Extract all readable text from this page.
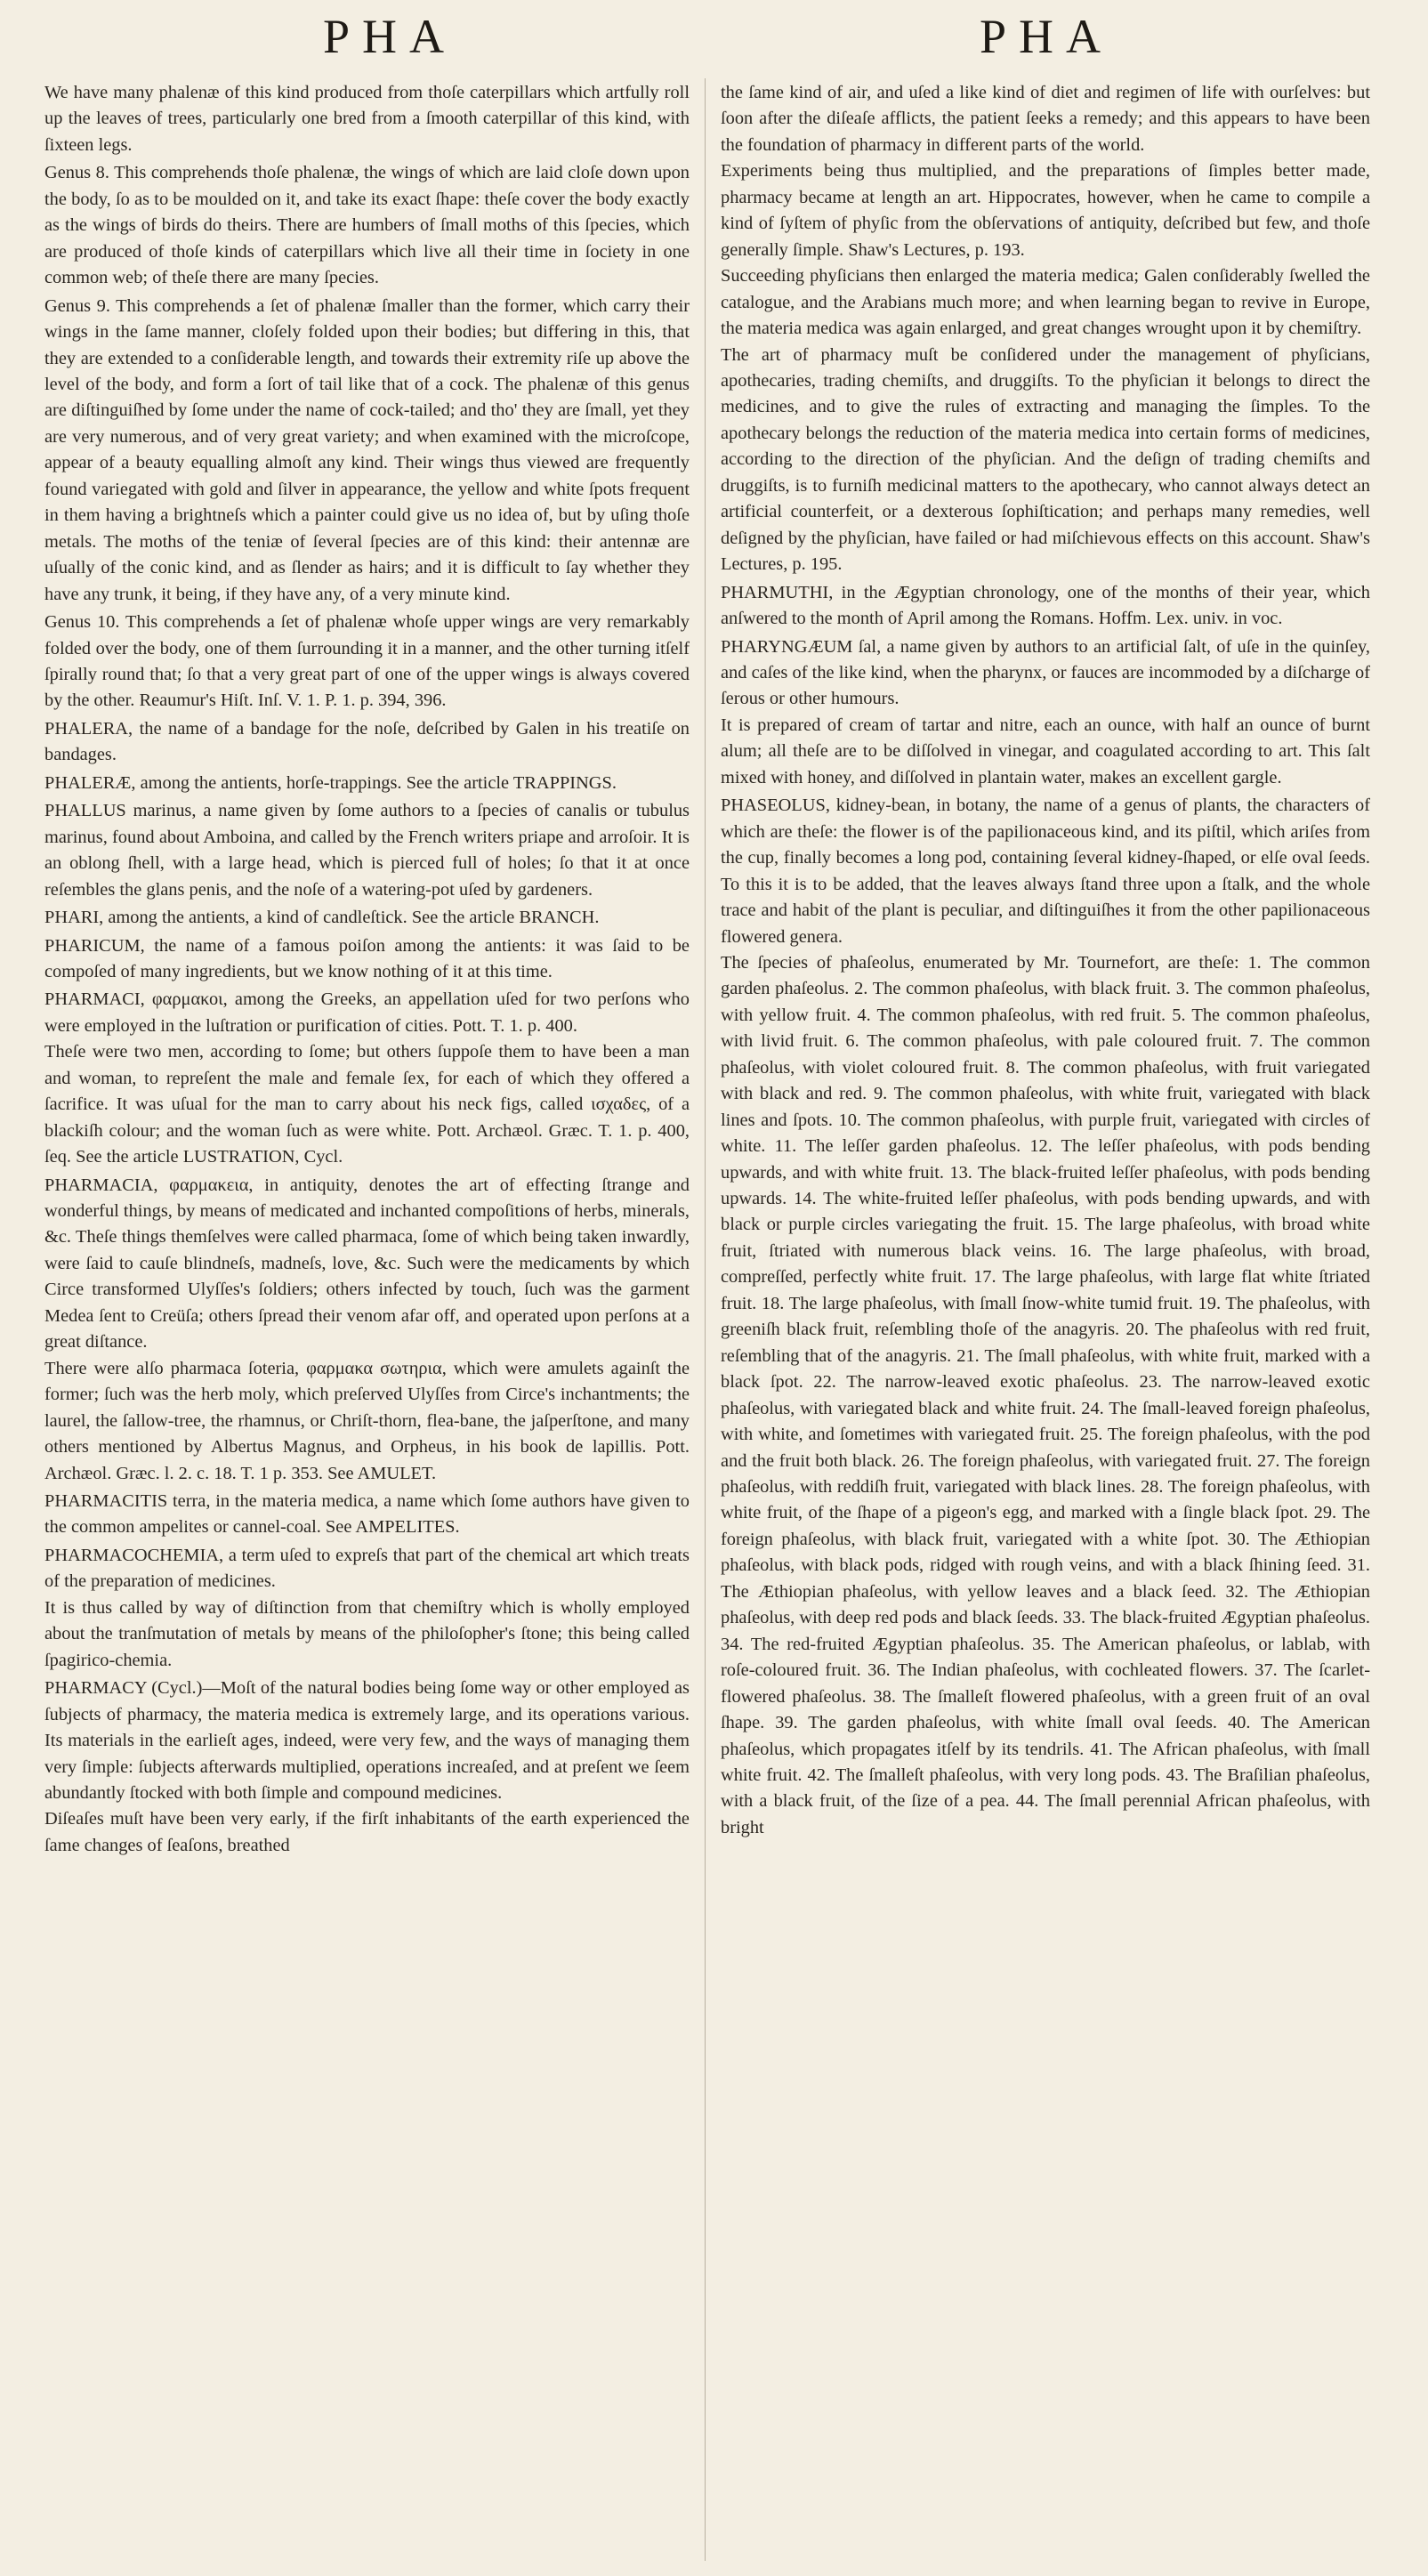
PHA	PHA

We have many phalenæ of this kind produced from thoſe caterpillars which artfully roll up the leaves of trees, particularly one bred from a ſmooth caterpillar of this kind, with ſixteen legs.

Genus 8. This comprehends thoſe phalenæ, the wings of which are laid cloſe down upon the body, ſo as to be moulded on it, and take its exact ſhape: theſe cover the body exactly as the wings of birds do theirs. There are humbers of ſmall moths of this ſpecies, which are produced of thoſe kinds of caterpillars which live all their time in ſociety in one common web; of theſe there are many ſpecies.

Genus 9. This comprehends a ſet of phalenæ ſmaller than the former, which carry their wings in the ſame manner, cloſely folded upon their bodies; but differing in this, that they are extended to a conſiderable length, and towards their extremity riſe up above the level of the body, and form a ſort of tail like that of a cock. The phalenæ of this genus are diſtinguiſhed by ſome under the name of cock-tailed; and tho' they are ſmall, yet they are very numerous, and of very great variety; and when examined with the microſcope, appear of a beauty equalling almoſt any kind. Their wings thus viewed are frequently found variegated with gold and ſilver in appearance, the yellow and white ſpots frequent in them having a brightneſs which a painter could give us no idea of, but by uſing thoſe metals. The moths of the teniæ of ſeveral ſpecies are of this kind: their antennæ are uſually of the conic kind, and as ſlender as hairs; and it is difficult to ſay whether they have any trunk, it being, if they have any, of a very minute kind.

Genus 10. This comprehends a ſet of phalenæ whoſe upper wings are very remarkably folded over the body, one of them ſurrounding it in a manner, and the other turning itſelf ſpirally round that; ſo that a very great part of one of the upper wings is always covered by the other. Reaumur's Hiſt. Inſ. V. 1. P. 1. p. 394, 396.

PHALERA, the name of a bandage for the noſe, deſcribed by Galen in his treatiſe on bandages.

PHALERÆ, among the antients, horſe-trappings. See the article TRAPPINGS.

PHALLUS marinus, a name given by ſome authors to a ſpecies of canalis or tubulus marinus, found about Amboina, and called by the French writers priape and arroſoir. It is an oblong ſhell, with a large head, which is pierced full of holes; ſo that it at once reſembles the glans penis, and the noſe of a watering-pot uſed by gardeners.

PHARI, among the antients, a kind of candleſtick. See the article BRANCH.

PHARICUM, the name of a famous poiſon among the antients: it was ſaid to be compoſed of many ingredients, but we know nothing of it at this time.

PHARMACI, φαρμακοι, among the Greeks, an appellation uſed for two perſons who were employed in the luſtration or purification of cities. Pott. T. 1. p. 400.

Theſe were two men, according to ſome; but others ſuppoſe them to have been a man and woman, to repreſent the male and female ſex, for each of which they offered a ſacrifice. It was uſual for the man to carry about his neck figs, called ισχαδες, of a blackiſh colour; and the woman ſuch as were white. Pott. Archæol. Græc. T. 1. p. 400, ſeq. See the article LUSTRATION, Cycl.

PHARMACIA, φαρμακεια, in antiquity, denotes the art of effecting ſtrange and wonderful things, by means of medicated and inchanted compoſitions of herbs, minerals, &c. Theſe things themſelves were called pharmaca, ſome of which being taken inwardly, were ſaid to cauſe blindneſs, madneſs, love, &c. Such were the medicaments by which Circe transformed Ulyſſes's ſoldiers; others infected by touch, ſuch was the garment Medea ſent to Creüſa; others ſpread their venom afar off, and operated upon perſons at a great diſtance.

There were alſo pharmaca ſoteria, φαρμακα σωτηρια, which were amulets againſt the former; ſuch was the herb moly, which preſerved Ulyſſes from Circe's inchantments; the laurel, the ſallow-tree, the rhamnus, or Chriſt-thorn, flea-bane, the jaſperſtone, and many others mentioned by Albertus Magnus, and Orpheus, in his book de lapillis. Pott. Archæol. Græc. l. 2. c. 18. T. 1 p. 353. See AMULET.

PHARMACITIS terra, in the materia medica, a name which ſome authors have given to the common ampelites or cannel-coal. See AMPELITES.

PHARMACOCHEMIA, a term uſed to expreſs that part of the chemical art which treats of the preparation of medicines.

It is thus called by way of diſtinction from that chemiſtry which is wholly employed about the tranſmutation of metals by means of the philoſopher's ſtone; this being called ſpagirico-chemia.

PHARMACY (Cycl.)—Moſt of the natural bodies being ſome way or other employed as ſubjects of pharmacy, the materia medica is extremely large, and its operations various. Its materials in the earlieſt ages, indeed, were very few, and the ways of managing them very ſimple: ſubjects afterwards multiplied, operations increaſed, and at preſent we ſeem abundantly ſtocked with both ſimple and compound medicines.

Diſeaſes muſt have been very early, if the firſt inhabitants of the earth experienced the ſame changes of ſeaſons, breathed

the ſame kind of air, and uſed a like kind of diet and regimen of life with ourſelves: but ſoon after the diſeaſe afflicts, the patient ſeeks a remedy; and this appears to have been the foundation of pharmacy in different parts of the world.

Experiments being thus multiplied, and the preparations of ſimples better made, pharmacy became at length an art. Hippocrates, however, when he came to compile a kind of ſyſtem of phyſic from the obſervations of antiquity, deſcribed but few, and thoſe generally ſimple. Shaw's Lectures, p. 193.

Succeeding phyſicians then enlarged the materia medica; Galen conſiderably ſwelled the catalogue, and the Arabians much more; and when learning began to revive in Europe, the materia medica was again enlarged, and great changes wrought upon it by chemiſtry.

The art of pharmacy muſt be conſidered under the management of phyſicians, apothecaries, trading chemiſts, and druggiſts. To the phyſician it belongs to direct the medicines, and to give the rules of extracting and managing the ſimples. To the apothecary belongs the reduction of the materia medica into certain forms of medicines, according to the direction of the phyſician. And the deſign of trading chemiſts and druggiſts, is to furniſh medicinal matters to the apothecary, who cannot always detect an artificial counterfeit, or a dexterous ſophiſtication; and perhaps many remedies, well deſigned by the phyſician, have failed or had miſchievous effects on this account. Shaw's Lectures, p. 195.

PHARMUTHI, in the Ægyptian chronology, one of the months of their year, which anſwered to the month of April among the Romans. Hoffm. Lex. univ. in voc.

PHARYNGÆUM ſal, a name given by authors to an artificial ſalt, of uſe in the quinſey, and caſes of the like kind, when the pharynx, or fauces are incommoded by a diſcharge of ſerous or other humours.

It is prepared of cream of tartar and nitre, each an ounce, with half an ounce of burnt alum; all theſe are to be diſſolved in vinegar, and coagulated according to art. This ſalt mixed with honey, and diſſolved in plantain water, makes an excellent gargle.

PHASEOLUS, kidney-bean, in botany, the name of a genus of plants, the characters of which are theſe: the flower is of the papilionaceous kind, and its piſtil, which ariſes from the cup, finally becomes a long pod, containing ſeveral kidney-ſhaped, or elſe oval ſeeds. To this it is to be added, that the leaves always ſtand three upon a ſtalk, and the whole trace and habit of the plant is peculiar, and diſtinguiſhes it from the other papilionaceous flowered genera.

The ſpecies of phaſeolus, enumerated by Mr. Tournefort, are theſe: 1. The common garden phaſeolus. 2. The common phaſeolus, with black fruit. 3. The common phaſeolus, with yellow fruit. 4. The common phaſeolus, with red fruit. 5. The common phaſeolus, with livid fruit. 6. The common phaſeolus, with pale coloured fruit. 7. The common phaſeolus, with violet coloured fruit. 8. The common phaſeolus, with fruit variegated with black and red. 9. The common phaſeolus, with white fruit, variegated with black lines and ſpots. 10. The common phaſeolus, with purple fruit, variegated with circles of white. 11. The leſſer garden phaſeolus. 12. The leſſer phaſeolus, with pods bending upwards, and with white fruit. 13. The black-fruited leſſer phaſeolus, with pods bending upwards. 14. The white-fruited leſſer phaſeolus, with pods bending upwards, and with black or purple circles variegating the fruit. 15. The large phaſeolus, with broad white fruit, ſtriated with numerous black veins. 16. The large phaſeolus, with broad, compreſſed, perfectly white fruit. 17. The large phaſeolus, with large flat white ſtriated fruit. 18. The large phaſeolus, with ſmall ſnow-white tumid fruit. 19. The phaſeolus, with greeniſh black fruit, reſembling thoſe of the anagyris. 20. The phaſeolus with red fruit, reſembling that of the anagyris. 21. The ſmall phaſeolus, with white fruit, marked with a black ſpot. 22. The narrow-leaved exotic phaſeolus. 23. The narrow-leaved exotic phaſeolus, with variegated black and white fruit. 24. The ſmall-leaved foreign phaſeolus, with white, and ſometimes with variegated fruit. 25. The foreign phaſeolus, with the pod and the fruit both black. 26. The foreign phaſeolus, with variegated fruit. 27. The foreign phaſeolus, with reddiſh fruit, variegated with black lines. 28. The foreign phaſeolus, with white fruit, of the ſhape of a pigeon's egg, and marked with a ſingle black ſpot. 29. The foreign phaſeolus, with black fruit, variegated with a white ſpot. 30. The Æthiopian phaſeolus, with black pods, ridged with rough veins, and with a black ſhining ſeed. 31. The Æthiopian phaſeolus, with yellow leaves and a black ſeed. 32. The Æthiopian phaſeolus, with deep red pods and black ſeeds. 33. The black-fruited Ægyptian phaſeolus. 34. The red-fruited Ægyptian phaſeolus. 35. The American phaſeolus, or lablab, with roſe-coloured fruit. 36. The Indian phaſeolus, with cochleated flowers. 37. The ſcarlet-flowered phaſeolus. 38. The ſmalleſt flowered phaſeolus, with a green fruit of an oval ſhape. 39. The garden phaſeolus, with white ſmall oval ſeeds. 40. The American phaſeolus, which propagates itſelf by its tendrils. 41. The African phaſeolus, with ſmall white fruit. 42. The ſmalleſt phaſeolus, with very long pods. 43. The Braſilian phaſeolus, with a black fruit, of the ſize of a pea. 44. The ſmall perennial African phaſeolus, with bright
